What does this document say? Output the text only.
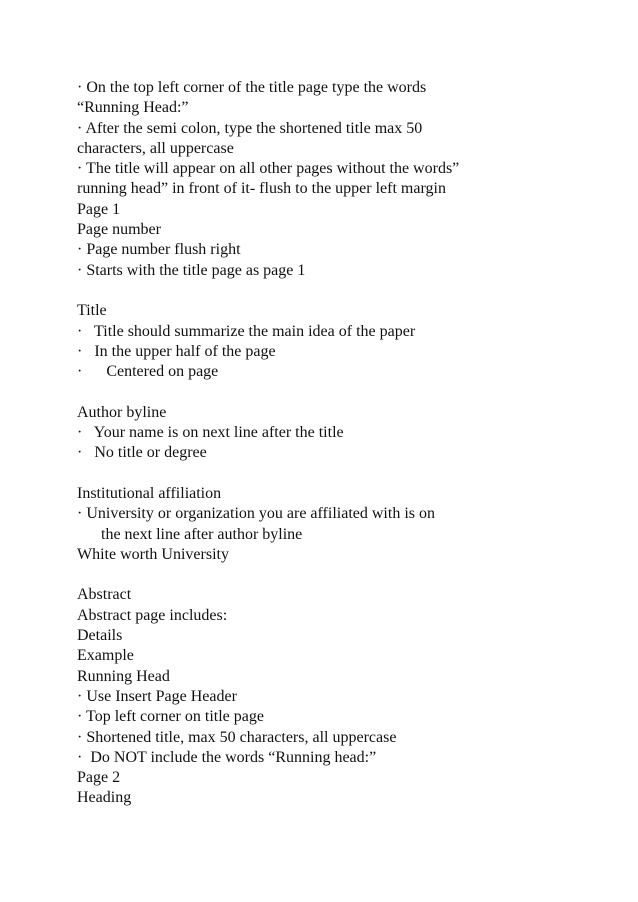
· On the top left corner of the title page type the words
“Running Head:”
· After the semi colon, type the shortened title max 50
characters, all uppercase
· The title will appear on all other pages without the words”
running head” in front of it- flush to the upper left margin
Page 1
Page number
· Page number flush right
· Starts with the title page as page 1
Title
·   Title should summarize the main idea of the paper
·   In the upper half of the page
·      Centered on page
Author byline
·   Your name is on next line after the title
·   No title or degree
Institutional affiliation
· University or organization you are affiliated with is on
the next line after author byline
White worth University
Abstract
Abstract page includes:
Details
Example
Running Head
· Use Insert Page Header
· Top left corner on title page
· Shortened title, max 50 characters, all uppercase
·  Do NOT include the words “Running head:”
Page 2
Heading
